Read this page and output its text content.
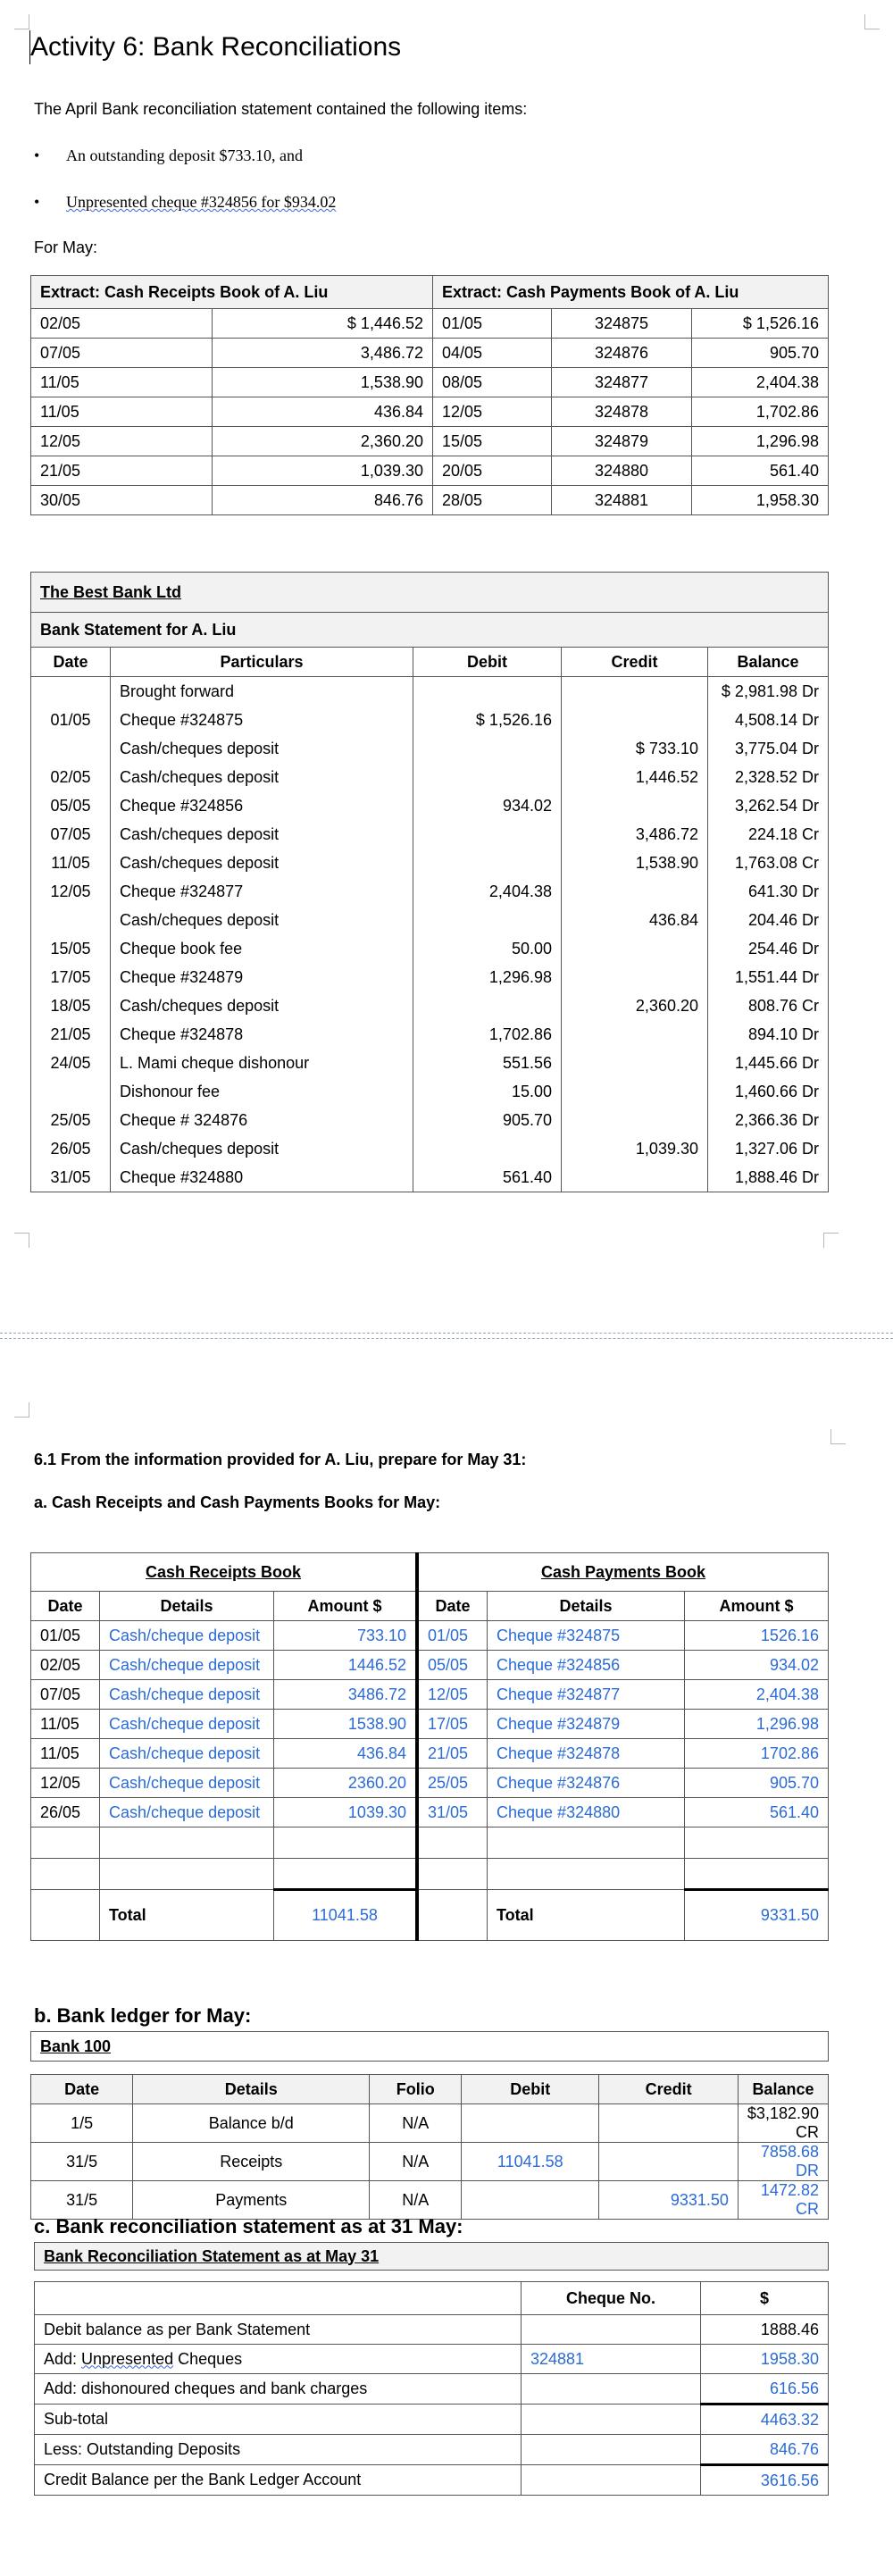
Activity 6: Bank Reconciliations
The April Bank reconciliation statement contained the following items:
• An outstanding deposit $733.10, and
• Unpresented cheque #324856 for $934.02
For May:
Extract: Cash Receipts Book of A. Liu		Extract: Cash Payments Book of A. Liu		
02/05	$ 1,446.52	01/05	324875	$ 1,526.16
07/05	3,486.72	04/05	324876	905.70
11/05	1,538.90	08/05	324877	2,404.38
11/05	436.84	12/05	324878	1,702.86
12/05	2,360.20	15/05	324879	1,296.98
21/05	1,039.30	20/05	324880	561.40
30/05	846.76	28/05	324881	1,958.30
The Best Bank Ltd				
Bank Statement for A. Liu				
Date	Particulars	Debit	Credit	Balance
	Brought forward			$ 2,981.98 Dr
01/05	Cheque #324875	$ 1,526.16		4,508.14 Dr
	Cash/cheques deposit		$ 733.10	3,775.04 Dr
02/05	Cash/cheques deposit		1,446.52	2,328.52 Dr
05/05	Cheque #324856	934.02		3,262.54 Dr
07/05	Cash/cheques deposit		3,486.72	224.18 Cr
11/05	Cash/cheques deposit		1,538.90	1,763.08 Cr
12/05	Cheque #324877	2,404.38		641.30 Dr
	Cash/cheques deposit		436.84	204.46 Dr
15/05	Cheque book fee	50.00		254.46 Dr
17/05	Cheque #324879	1,296.98		1,551.44 Dr
18/05	Cash/cheques deposit		2,360.20	808.76 Cr
21/05	Cheque #324878	1,702.86		894.10 Dr
24/05	L. Mami cheque dishonour	551.56		1,445.66 Dr
	Dishonour fee	15.00		1,460.66 Dr
25/05	Cheque # 324876	905.70		2,366.36 Dr
26/05	Cash/cheques deposit		1,039.30	1,327.06 Dr
31/05	Cheque #324880	561.40		1,888.46 Dr
6.1 From the information provided for A. Liu, prepare for May 31:
a. Cash Receipts and Cash Payments Books for May:
Cash Receipts Book			Cash Payments Book		
Date	Details	Amount $	Date	Details	Amount $
01/05	Cash/cheque deposit	733.10	01/05	Cheque #324875	1526.16
02/05	Cash/cheque deposit	1446.52	05/05	Cheque #324856	934.02
07/05	Cash/cheque deposit	3486.72	12/05	Cheque #324877	2,404.38
11/05	Cash/cheque deposit	1538.90	17/05	Cheque #324879	1,296.98
11/05	Cash/cheque deposit	436.84	21/05	Cheque #324878	1702.86
12/05	Cash/cheque deposit	2360.20	25/05	Cheque #324876	905.70
26/05	Cash/cheque deposit	1039.30	31/05	Cheque #324880	561.40

	Total	11041.58		Total	9331.50
b. Bank ledger for May:
Bank 100					

Date	Details	Folio	Debit	Credit	Balance
1/5	Balance b/d	N/A			$3,182.90 CR
31/5	Receipts	N/A	11041.58		7858.68 DR
31/5	Payments	N/A		9331.50	1472.82 CR
c. Bank reconciliation statement as at 31 May:
Bank Reconciliation Statement as at May 31		

	Cheque No.	$
Debit balance as per Bank Statement		1888.46
Add: Unpresented Cheques	324881	1958.30
Add: dishonoured cheques and bank charges		616.56
Sub-total		4463.32
Less: Outstanding Deposits		846.76
Credit Balance per the Bank Ledger Account		3616.56
